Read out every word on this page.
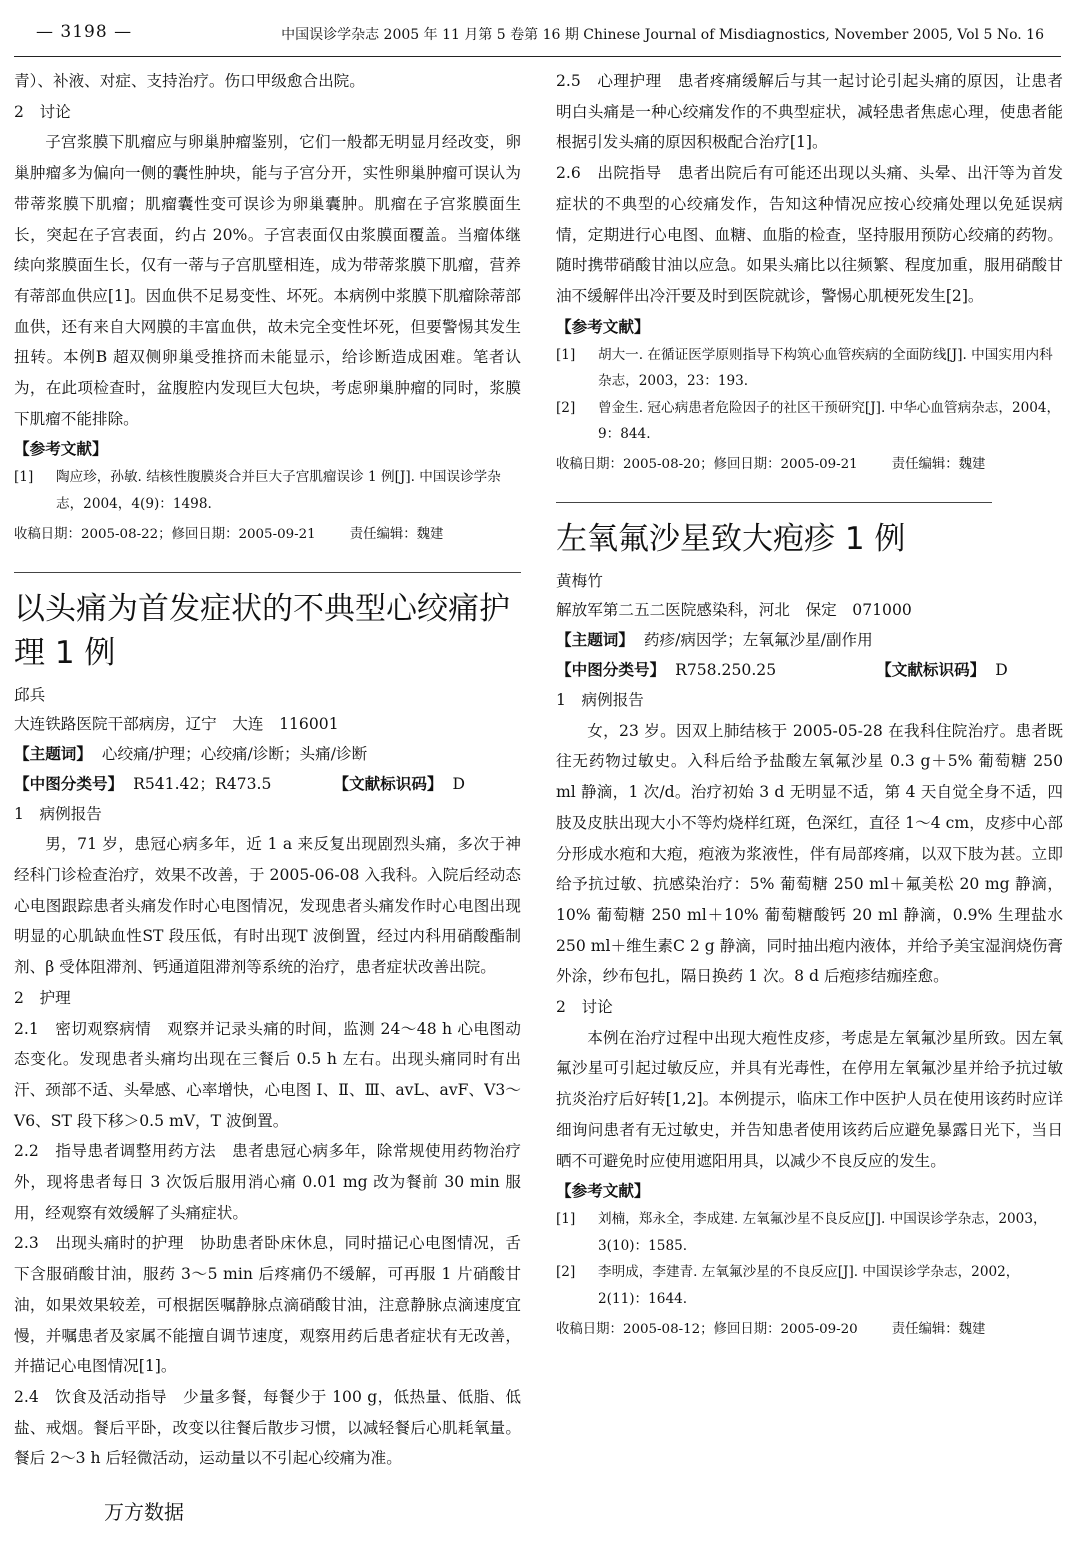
— 3198 —	中国误诊学杂志 2005 年 11 月第 5 卷第 16 期 Chinese Journal of Misdiagnostics, November 2005, Vol 5 No. 16

青）、补液、对症、支持治疗。伤口甲级愈合出院。

2　讨论

子宫浆膜下肌瘤应与卵巢肿瘤鉴别，它们一般都无明显月经改变，卵巢肿瘤多为偏向一侧的囊性肿块，能与子宫分开，实性卵巢肿瘤可误认为带蒂浆膜下肌瘤；肌瘤囊性变可误诊为卵巢囊肿。肌瘤在子宫浆膜面生长，突起在子宫表面，约占 20%。子宫表面仅由浆膜面覆盖。当瘤体继续向浆膜面生长，仅有一蒂与子宫肌壁相连，成为带蒂浆膜下肌瘤，营养有蒂部血供应[1]。因血供不足易变性、坏死。本病例中浆膜下肌瘤除蒂部血供，还有来自大网膜的丰富血供，故未完全变性坏死，但要警惕其发生扭转。本例B 超双侧卵巢受推挤而未能显示，给诊断造成困难。笔者认为，在此项检查时，盆腹腔内发现巨大包块，考虑卵巢肿瘤的同时，浆膜下肌瘤不能排除。

【参考文献】

[1] 陶应珍，孙敏. 结核性腹膜炎合并巨大子宫肌瘤误诊 1 例[J]. 中国误诊学杂志，2004，4(9)：1498.

收稿日期：2005-08-22；修回日期：2005-09-21	责任编辑：魏建
以头痛为首发症状的不典型心绞痛护理 1 例

邱兵

大连铁路医院干部病房，辽宁　大连　116001

【主题词】 心绞痛/护理；心绞痛/诊断；头痛/诊断

【中图分类号】 R541.42；R473.5	【文献标识码】 D

1　病例报告

男，71 岁，患冠心病多年，近 1 a 来反复出现剧烈头痛，多次于神经科门诊检查治疗，效果不改善，于 2005-06-08 入我科。入院后经动态心电图跟踪患者头痛发作时心电图情况，发现患者头痛发作时心电图出现明显的心肌缺血性ST 段压低，有时出现T 波倒置，经过内科用硝酸酯制剂、β 受体阻滞剂、钙通道阻滞剂等系统的治疗，患者症状改善出院。

2　护理

2.1　密切观察病情　观察并记录头痛的时间，监测 24～48 h 心电图动态变化。发现患者头痛均出现在三餐后 0.5 h 左右。出现头痛同时有出汗、颈部不适、头晕感、心率增快，心电图 Ⅰ、Ⅱ、Ⅲ、avL、avF、V3～V6、ST 段下移＞0.5 mV，T 波倒置。

2.2　指导患者调整用药方法　患者患冠心病多年，除常规使用药物治疗外，现将患者每日 3 次饭后服用消心痛 0.01 mg 改为餐前 30 min 服用，经观察有效缓解了头痛症状。

2.3　出现头痛时的护理　协助患者卧床休息，同时描记心电图情况，舌下含服硝酸甘油，服药 3～5 min 后疼痛仍不缓解，可再服 1 片硝酸甘油，如果效果较差，可根据医嘱静脉点滴硝酸甘油，注意静脉点滴速度宜慢，并嘱患者及家属不能擅自调节速度，观察用药后患者症状有无改善，并描记心电图情况[1]。

2.4　饮食及活动指导　少量多餐，每餐少于 100 g，低热量、低脂、低盐、戒烟。餐后平卧，改变以往餐后散步习惯，以减轻餐后心肌耗氧量。餐后 2～3 h 后轻微活动，运动量以不引起心绞痛为准。

2.5　心理护理　患者疼痛缓解后与其一起讨论引起头痛的原因，让患者明白头痛是一种心绞痛发作的不典型症状，减轻患者焦虑心理，使患者能根据引发头痛的原因积极配合治疗[1]。

2.6　出院指导　患者出院后有可能还出现以头痛、头晕、出汗等为首发症状的不典型的心绞痛发作，告知这种情况应按心绞痛处理以免延误病情，定期进行心电图、血糖、血脂的检查，坚持服用预防心绞痛的药物。随时携带硝酸甘油以应急。如果头痛比以往频繁、程度加重，服用硝酸甘油不缓解伴出冷汗要及时到医院就诊，警惕心肌梗死发生[2]。

【参考文献】

[1] 胡大一. 在循证医学原则指导下构筑心血管疾病的全面防线[J]. 中国实用内科杂志，2003，23：193.

[2] 曾金生. 冠心病患者危险因子的社区干预研究[J]. 中华心血管病杂志，2004，9：844.

收稿日期：2005-08-20；修回日期：2005-09-21	责任编辑：魏建
左氧氟沙星致大疱疹 1 例

黄梅竹

解放军第二五二医院感染科，河北　保定　071000

【主题词】 药疹/病因学；左氧氟沙星/副作用

【中图分类号】 R758.250.25	【文献标识码】 D

1　病例报告

女，23 岁。因双上肺结核于 2005-05-28 在我科住院治疗。患者既往无药物过敏史。入科后给予盐酸左氧氟沙星 0.3 g＋5% 葡萄糖 250 ml 静滴，1 次/d。治疗初始 3 d 无明显不适，第 4 天自觉全身不适，四肢及皮肤出现大小不等灼烧样红斑，色深红，直径 1～4 cm，皮疹中心部分形成水疱和大疱，疱液为浆液性，伴有局部疼痛，以双下肢为甚。立即给予抗过敏、抗感染治疗：5% 葡萄糖 250 ml＋氟美松 20 mg 静滴，10% 葡萄糖 250 ml＋10% 葡萄糖酸钙 20 ml 静滴，0.9% 生理盐水 250 ml＋维生素C 2 g 静滴，同时抽出疱内液体，并给予美宝湿润烧伤膏外涂，纱布包扎，隔日换药 1 次。8 d 后疱疹结痂痊愈。

2　讨论

本例在治疗过程中出现大疱性皮疹，考虑是左氧氟沙星所致。因左氧氟沙星可引起过敏反应，并具有光毒性，在停用左氧氟沙星并给予抗过敏抗炎治疗后好转[1,2]。本例提示，临床工作中医护人员在使用该药时应详细询问患者有无过敏史，并告知患者使用该药后应避免暴露日光下，当日晒不可避免时应使用遮阳用具，以减少不良反应的发生。

【参考文献】

[1] 刘楠，郑永全，李成建. 左氧氟沙星不良反应[J]. 中国误诊学杂志，2003，3(10)：1585.

[2] 李明成，李建青. 左氧氟沙星的不良反应[J]. 中国误诊学杂志，2002，2(11)：1644.

收稿日期：2005-08-12；修回日期：2005-09-20	责任编辑：魏建
万方数据
